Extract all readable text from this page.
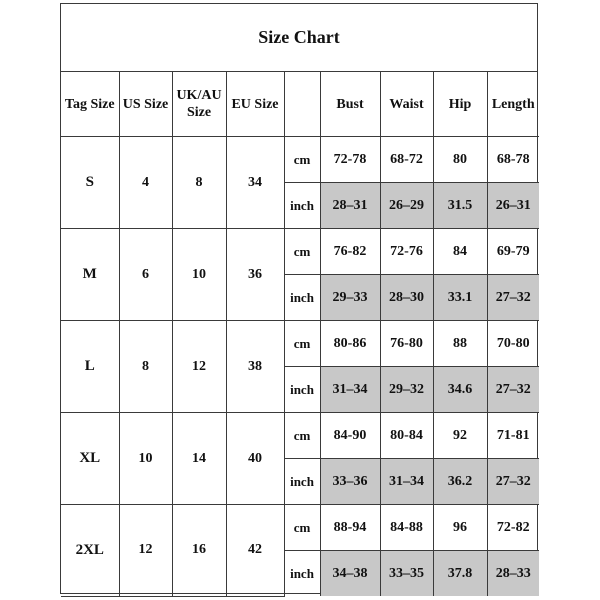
Size Chart
Tag Size	US Size	UK/AU Size	EU Size		Bust	Waist	Hip	Length
S	4	8	34	cm	72-78	68-72	80	68-78
				inch	28–31	26–29	31.5	26–31
M	6	10	36	cm	76-82	72-76	84	69-79
				inch	29–33	28–30	33.1	27–32
L	8	12	38	cm	80-86	76-80	88	70-80
				inch	31–34	29–32	34.6	27–32
XL	10	14	40	cm	84-90	80-84	92	71-81
				inch	33–36	31–34	36.2	27–32
2XL	12	16	42	cm	88-94	84-88	96	72-82
				inch	34–38	33–35	37.8	28–33
